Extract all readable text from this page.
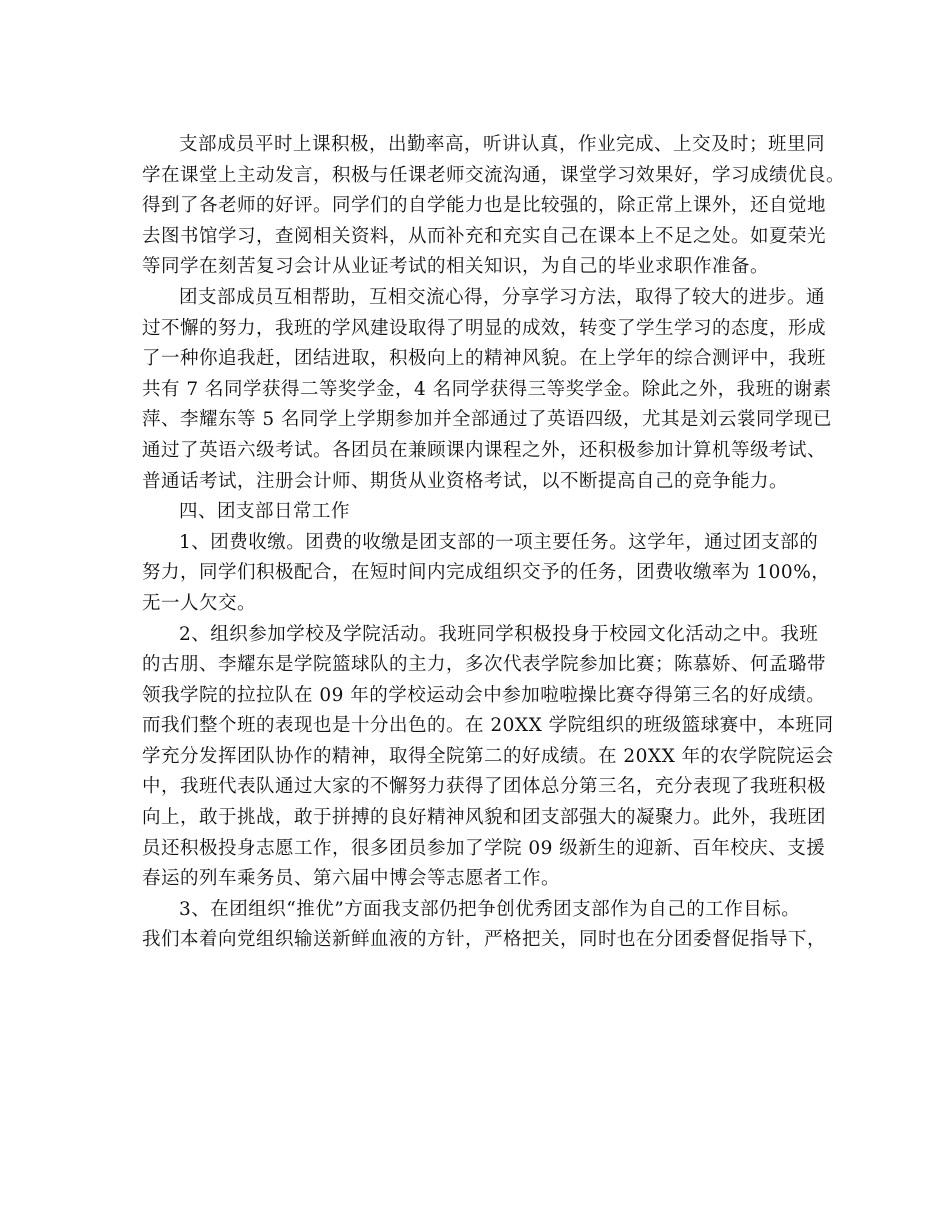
支部成员平时上课积极，出勤率高，听讲认真，作业完成、上交及时；班里同
学在课堂上主动发言，积极与任课老师交流沟通，课堂学习效果好，学习成绩优良。
得到了各老师的好评。同学们的自学能力也是比较强的，除正常上课外，还自觉地
去图书馆学习，查阅相关资料，从而补充和充实自己在课本上不足之处。如夏荣光
等同学在刻苦复习会计从业证考试的相关知识，为自己的毕业求职作准备。
团支部成员互相帮助，互相交流心得，分享学习方法，取得了较大的进步。通
过不懈的努力，我班的学风建设取得了明显的成效，转变了学生学习的态度，形成
了一种你追我赶，团结进取，积极向上的精神风貌。在上学年的综合测评中，我班
共有 7 名同学获得二等奖学金，4 名同学获得三等奖学金。除此之外，我班的谢素
萍、李耀东等 5 名同学上学期参加并全部通过了英语四级，尤其是刘云裳同学现已
通过了英语六级考试。各团员在兼顾课内课程之外，还积极参加计算机等级考试、
普通话考试，注册会计师、期货从业资格考试，以不断提高自己的竞争能力。
四、团支部日常工作
1、团费收缴。团费的收缴是团支部的一项主要任务。这学年，通过团支部的
努力，同学们积极配合，在短时间内完成组织交予的任务，团费收缴率为 100%，
无一人欠交。
2、组织参加学校及学院活动。我班同学积极投身于校园文化活动之中。我班
的古朋、李耀东是学院篮球队的主力，多次代表学院参加比赛；陈慕娇、何孟璐带
领我学院的拉拉队在 09 年的学校运动会中参加啦啦操比赛夺得第三名的好成绩。
而我们整个班的表现也是十分出色的。在 20XX 学院组织的班级篮球赛中，本班同
学充分发挥团队协作的精神，取得全院第二的好成绩。在 20XX 年的农学院院运会
中，我班代表队通过大家的不懈努力获得了团体总分第三名，充分表现了我班积极
向上，敢于挑战，敢于拼搏的良好精神风貌和团支部强大的凝聚力。此外，我班团
员还积极投身志愿工作，很多团员参加了学院 09 级新生的迎新、百年校庆、支援
春运的列车乘务员、第六届中博会等志愿者工作。
3、在团组织“推优”方面我支部仍把争创优秀团支部作为自己的工作目标。
我们本着向党组织输送新鲜血液的方针，严格把关，同时也在分团委督促指导下，
